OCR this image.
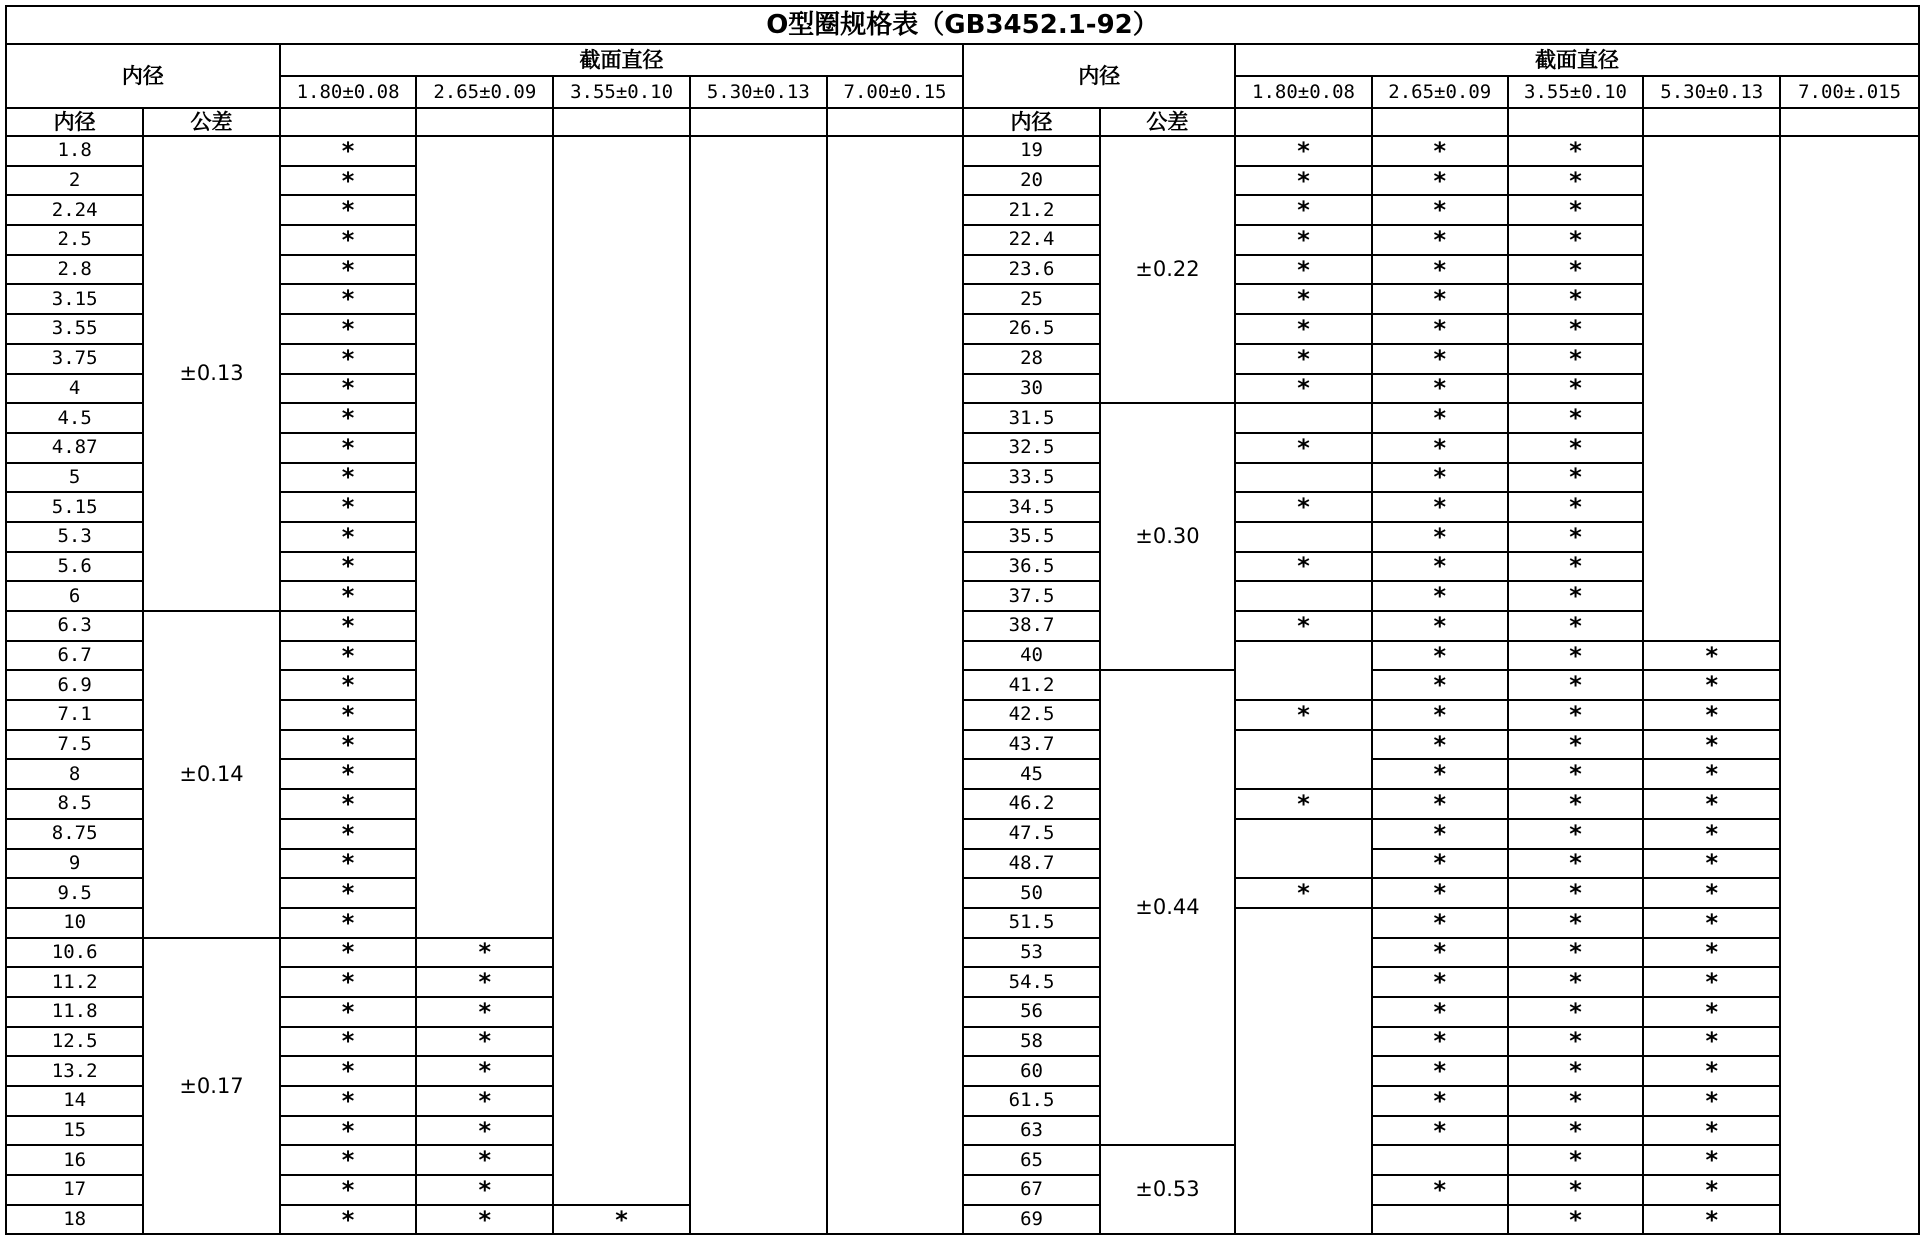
O型圈规格表（GB3452.1-92）													
内径		截面直径					内径		截面直径				
		1.80±0.08	2.65±0.09	3.55±0.10	5.30±0.13	7.00±0.15			1.80±0.08	2.65±0.09	3.55±0.10	5.30±0.13	7.00±.015
内径	公差						内径	公差					
1.8	±0.13	*					19	±0.22	*	*	*		
2		*					20		*	*	*		
2.24		*					21.2		*	*	*		
2.5		*					22.4		*	*	*		
2.8		*					23.6		*	*	*		
3.15		*					25		*	*	*		
3.55		*					26.5		*	*	*		
3.75		*					28		*	*	*		
4		*					30		*	*	*		
4.5		*					31.5	±0.30		*	*		
4.87		*					32.5		*	*	*		
5		*					33.5			*	*		
5.15		*					34.5		*	*	*		
5.3		*					35.5			*	*		
5.6		*					36.5		*	*	*		
6		*					37.5			*	*		
6.3	±0.14	*					38.7		*	*	*		
6.7		*					40			*	*	*	
6.9		*					41.2	±0.44		*	*	*	
7.1		*					42.5		*	*	*	*	
7.5		*					43.7			*	*	*	
8		*					45			*	*	*	
8.5		*					46.2		*	*	*	*	
8.75		*					47.5			*	*	*	
9		*					48.7			*	*	*	
9.5		*					50		*	*	*	*	
10		*					51.5			*	*	*	
10.6	±0.17	*	*				53			*	*	*	
11.2		*	*				54.5			*	*	*	
11.8		*	*				56			*	*	*	
12.5		*	*				58			*	*	*	
13.2		*	*				60			*	*	*	
14		*	*				61.5			*	*	*	
15		*	*				63			*	*	*	
16		*	*				65	±0.53			*	*	
17		*	*				67			*	*	*	
18		*	*	*			69				*	*	
